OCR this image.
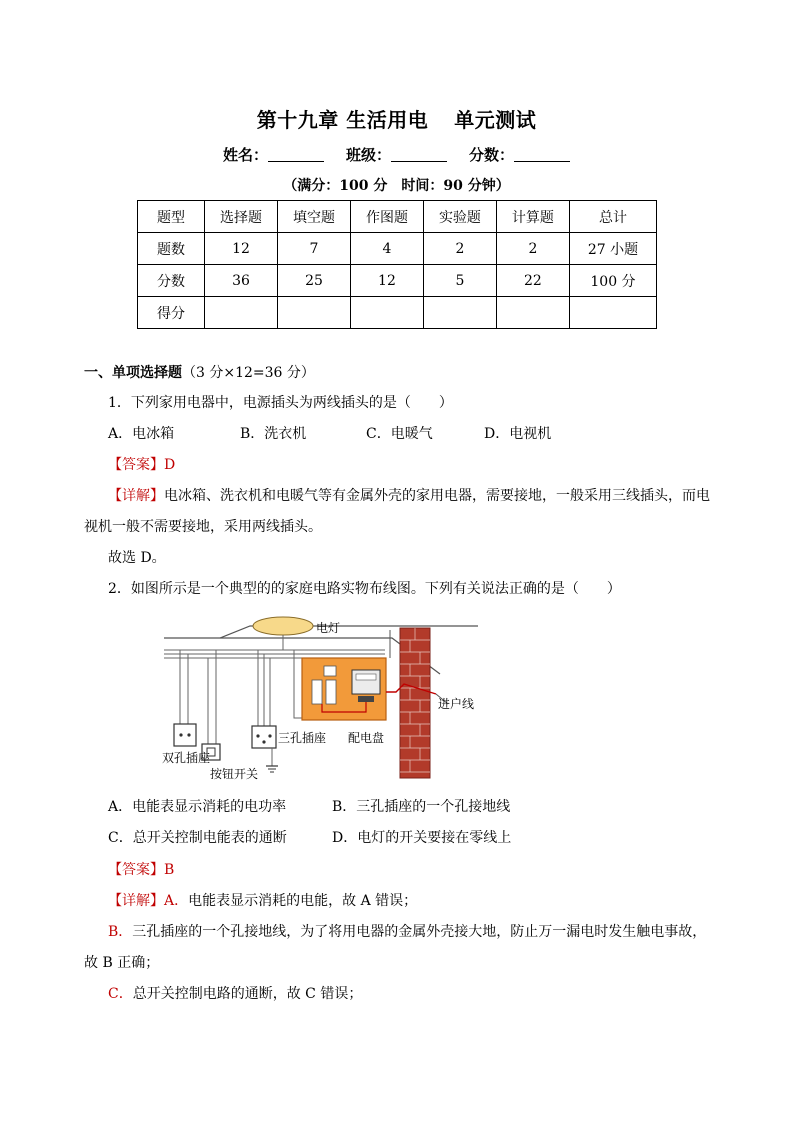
第十九章 生活用电 单元测试
姓名：	班级：	分数：
（满分：100 分　时间：90 分钟）
题型	选择题	填空题	作图题	实验题	计算题	总计
题数	12	7	4	2	2	27 小题
分数	36	25	12	5	22	100 分
得分						
一、单项选择题（3 分×12=36 分）
1．下列家用电器中，电源插头为两线插头的是（　　）
A．电冰箱	B．洗衣机	C．电暖气	D．电视机
【答案】D
【详解】电冰箱、洗衣机和电暖气等有金属外壳的家用电器，需要接地，一般采用三线插头，而电
视机一般不需要接地，采用两线插头。
故选 D。
2．如图所示是一个典型的的家庭电路实物布线图。下列有关说法正确的是（　　）
电灯
进户线
双孔插座
按钮开关
三孔插座 配电盘
A．电能表显示消耗的电功率	B．三孔插座的一个孔接地线
C．总开关控制电能表的通断	D．电灯的开关要接在零线上
【答案】B
【详解】A．电能表显示消耗的电能，故 A 错误；
B．三孔插座的一个孔接地线，为了将用电器的金属外壳接大地，防止万一漏电时发生触电事故，
故 B 正确；
C．总开关控制电路的通断，故 C 错误；
